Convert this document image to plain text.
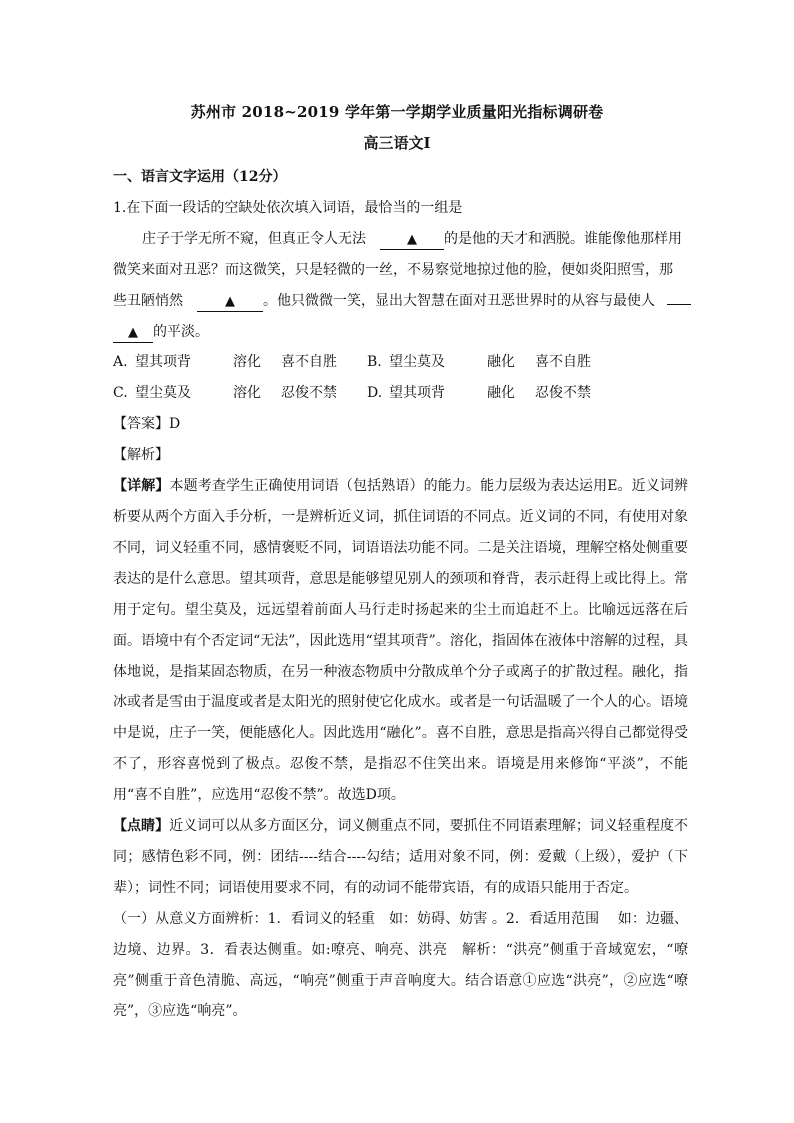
苏州市 2018~2019 学年第一学期学业质量阳光指标调研卷
高三语文Ⅰ

一、语言文字运用（12分）

1.在下面一段话的空缺处依次填入词语，最恰当的一组是

庄子于学无所不窥，但真正令人无法	▲ 的是他的天才和洒脱。谁能像他那样用

微笑来面对丑恶？而这微笑，只是轻微的一丝，不易察觉地掠过他的脸，便如炎阳照雪，那

些丑陋悄然	▲ 。他只微微一笑，显出大智慧在面对丑恶世界时的从容与最使人

▲ 的平淡。

A. 望其项背	溶化 喜不自胜 B. 望尘莫及	融化 喜不自胜

C. 望尘莫及	溶化 忍俊不禁 D. 望其项背	融化 忍俊不禁

【答案】D

【解析】

【详解】本题考查学生正确使用词语（包括熟语）的能力。能力层级为表达运用E。近义词辨析要从两个方面入手分析，一是辨析近义词，抓住词语的不同点。近义词的不同，有使用对象不同，词义轻重不同，感情褒贬不同，词语语法功能不同。二是关注语境，理解空格处侧重要表达的是什么意思。望其项背，意思是能够望见别人的颈项和脊背，表示赶得上或比得上。常用于定句。望尘莫及，远远望着前面人马行走时扬起来的尘土而追赶不上。比喻远远落在后面。语境中有个否定词“无法”，因此选用“望其项背”。溶化，指固体在液体中溶解的过程，具体地说，是指某固态物质，在另一种液态物质中分散成单个分子或离子的扩散过程。融化，指冰或者是雪由于温度或者是太阳光的照射使它化成水。或者是一句话温暖了一个人的心。语境中是说，庄子一笑，便能感化人。因此选用“融化”。喜不自胜，意思是指高兴得自己都觉得受不了，形容喜悦到了极点。忍俊不禁，是指忍不住笑出来。语境是用来修饰“平淡”，不能用“喜不自胜”，应选用“忍俊不禁”。故选D项。

【点睛】近义词可以从多方面区分，词义侧重点不同，要抓住不同语素理解；词义轻重程度不同；感情色彩不同，例：团结----结合----勾结；适用对象不同，例：爱戴（上级），爱护（下辈）；词性不同；词语使用要求不同，有的动词不能带宾语，有的成语只能用于否定。

（一）从意义方面辨析：1．看词义的轻重　如：妨碍、妨害 。2．看适用范围　 如：边疆、边境、边界。3．看表达侧重。如:嘹亮、响亮、洪亮　解析：“洪亮”侧重于音域宽宏，“嘹亮”侧重于音色清脆、高远，“响亮”侧重于声音响度大。结合语意①应选“洪亮”，②应选“嘹亮”，③应选“响亮”。
